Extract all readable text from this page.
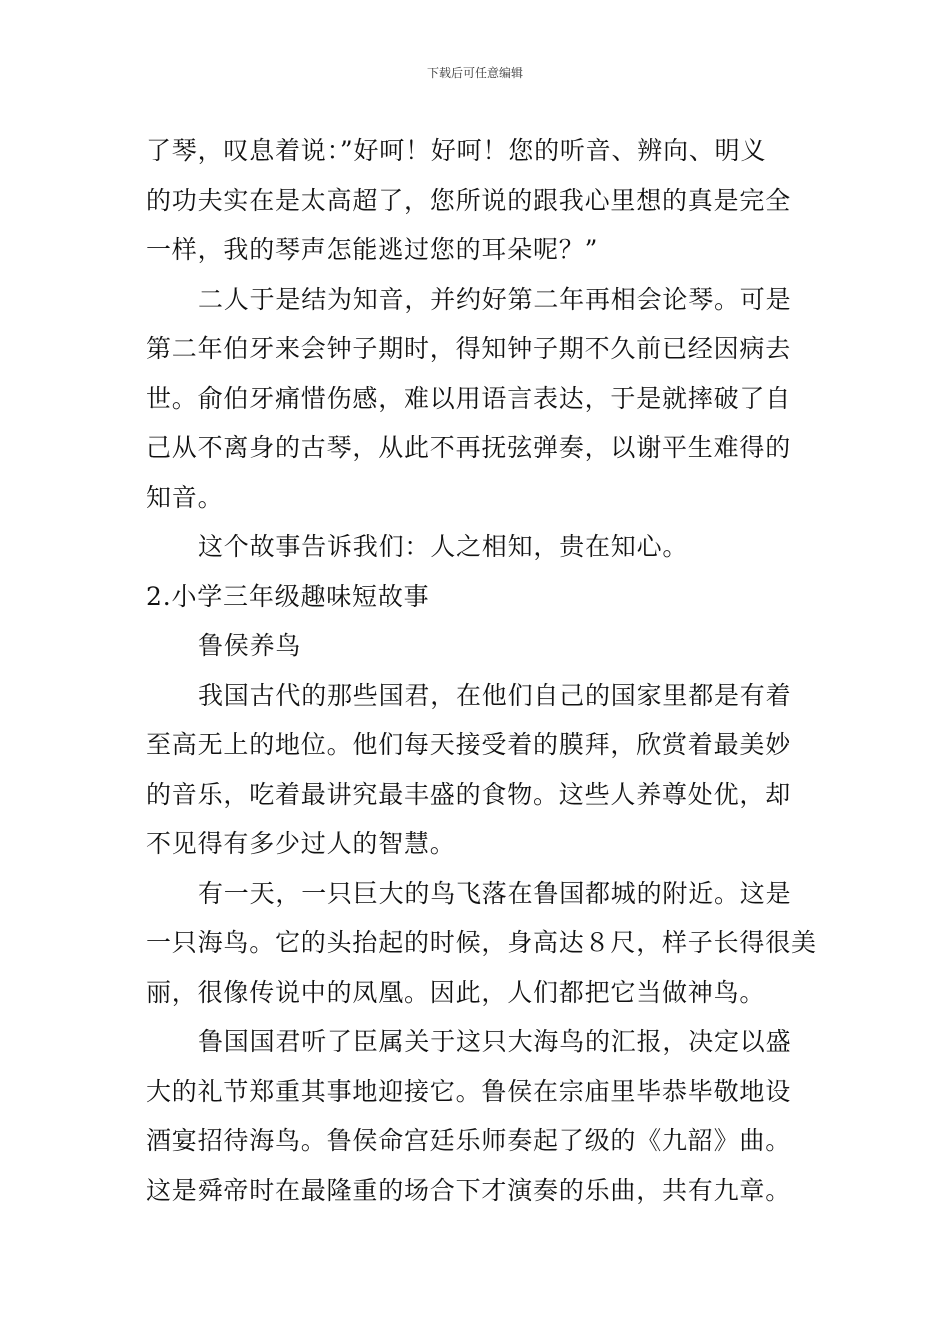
下载后可任意编辑
了琴，叹息着说：”好呵！好呵！您的听音、辨向、明义
的功夫实在是太高超了，您所说的跟我心里想的真是完全
一样，我的琴声怎能逃过您的耳朵呢？”
二人于是结为知音，并约好第二年再相会论琴。可是
第二年伯牙来会钟子期时，得知钟子期不久前已经因病去
世。俞伯牙痛惜伤感，难以用语言表达，于是就摔破了自
己从不离身的古琴，从此不再抚弦弹奏，以谢平生难得的
知音。
这个故事告诉我们：人之相知，贵在知心。
2.小学三年级趣味短故事
鲁侯养鸟
我国古代的那些国君，在他们自己的国家里都是有着
至高无上的地位。他们每天接受着的膜拜，欣赏着最美妙
的音乐，吃着最讲究最丰盛的食物。这些人养尊处优，却
不见得有多少过人的智慧。
有一天，一只巨大的鸟飞落在鲁国都城的附近。这是
一只海鸟。它的头抬起的时候，身高达８尺，样子长得很美
丽，很像传说中的凤凰。因此，人们都把它当做神鸟。
鲁国国君听了臣属关于这只大海鸟的汇报，决定以盛
大的礼节郑重其事地迎接它。鲁侯在宗庙里毕恭毕敬地设
酒宴招待海鸟。鲁侯命宫廷乐师奏起了级的《九韶》曲。
这是舜帝时在最隆重的场合下才演奏的乐曲，共有九章。
